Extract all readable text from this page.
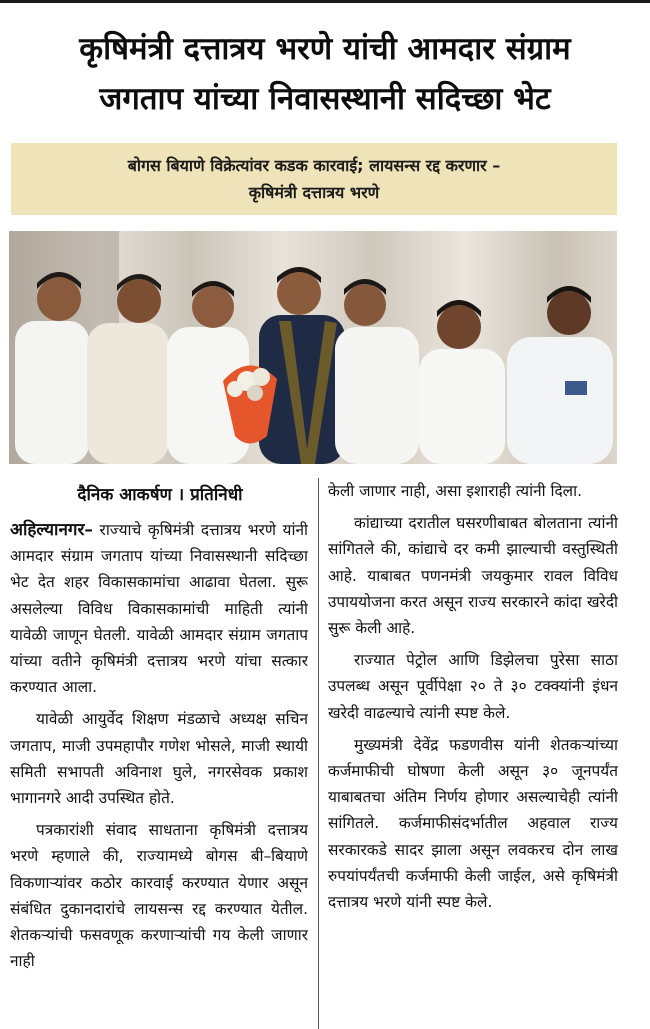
कृषिमंत्री दत्तात्रय भरणे यांची आमदार संग्राम
जगताप यांच्या निवासस्थानी सदिच्छा भेट
बोगस बियाणे विक्रेत्यांवर कडक कारवाई; लायसन्स रद्द करणार –
कृषिमंत्री दत्तात्रय भरणे
दैनिक आकर्षण । प्रतिनिधी

अहिल्यानगर– राज्याचे कृषिमंत्री दत्तात्रय भरणे यांनी आमदार संग्राम जगताप यांच्या निवासस्थानी सदिच्छा भेट देत शहर विकासकामांचा आढावा घेतला. सुरू असलेल्या विविध विकासकामांची माहिती त्यांनी यावेळी जाणून घेतली. यावेळी आमदार संग्राम जगताप यांच्या वतीने कृषिमंत्री दत्तात्रय भरणे यांचा सत्कार करण्यात आला.

यावेळी आयुर्वेद शिक्षण मंडळाचे अध्यक्ष सचिन जगताप, माजी उपमहापौर गणेश भोसले, माजी स्थायी समिती सभापती अविनाश घुले, नगरसेवक प्रकाश भागानगरे आदी उपस्थित होते.

पत्रकारांशी संवाद साधताना कृषिमंत्री दत्तात्रय भरणे म्हणाले की, राज्यामध्ये बोगस बी–बियाणे विकणाऱ्यांवर कठोर कारवाई करण्यात येणार असून संबंधित दुकानदारांचे लायसन्स रद्द करण्यात येतील. शेतकऱ्यांची फसवणूक करणाऱ्यांची गय केली जाणार नाही

केली जाणार नाही, असा इशाराही त्यांनी दिला.

कांद्याच्या दरातील घसरणीबाबत बोलताना त्यांनी सांगितले की, कांद्याचे दर कमी झाल्याची वस्तुस्थिती आहे. याबाबत पणनमंत्री जयकुमार रावल विविध उपाययोजना करत असून राज्य सरकारने कांदा खरेदी सुरू केली आहे.

राज्यात पेट्रोल आणि डिझेलचा पुरेसा साठा उपलब्ध असून पूर्वीपेक्षा २० ते ३० टक्क्यांनी इंधन खरेदी वाढल्याचे त्यांनी स्पष्ट केले.

मुख्यमंत्री देवेंद्र फडणवीस यांनी शेतकऱ्यांच्या कर्जमाफीची घोषणा केली असून ३० जूनपर्यंत याबाबतचा अंतिम निर्णय होणार असल्याचेही त्यांनी सांगितले. कर्जमाफीसंदर्भातील अहवाल राज्य सरकारकडे सादर झाला असून लवकरच दोन लाख रुपयांपर्यंतची कर्जमाफी केली जाईल, असे कृषिमंत्री दत्तात्रय भरणे यांनी स्पष्ट केले.
